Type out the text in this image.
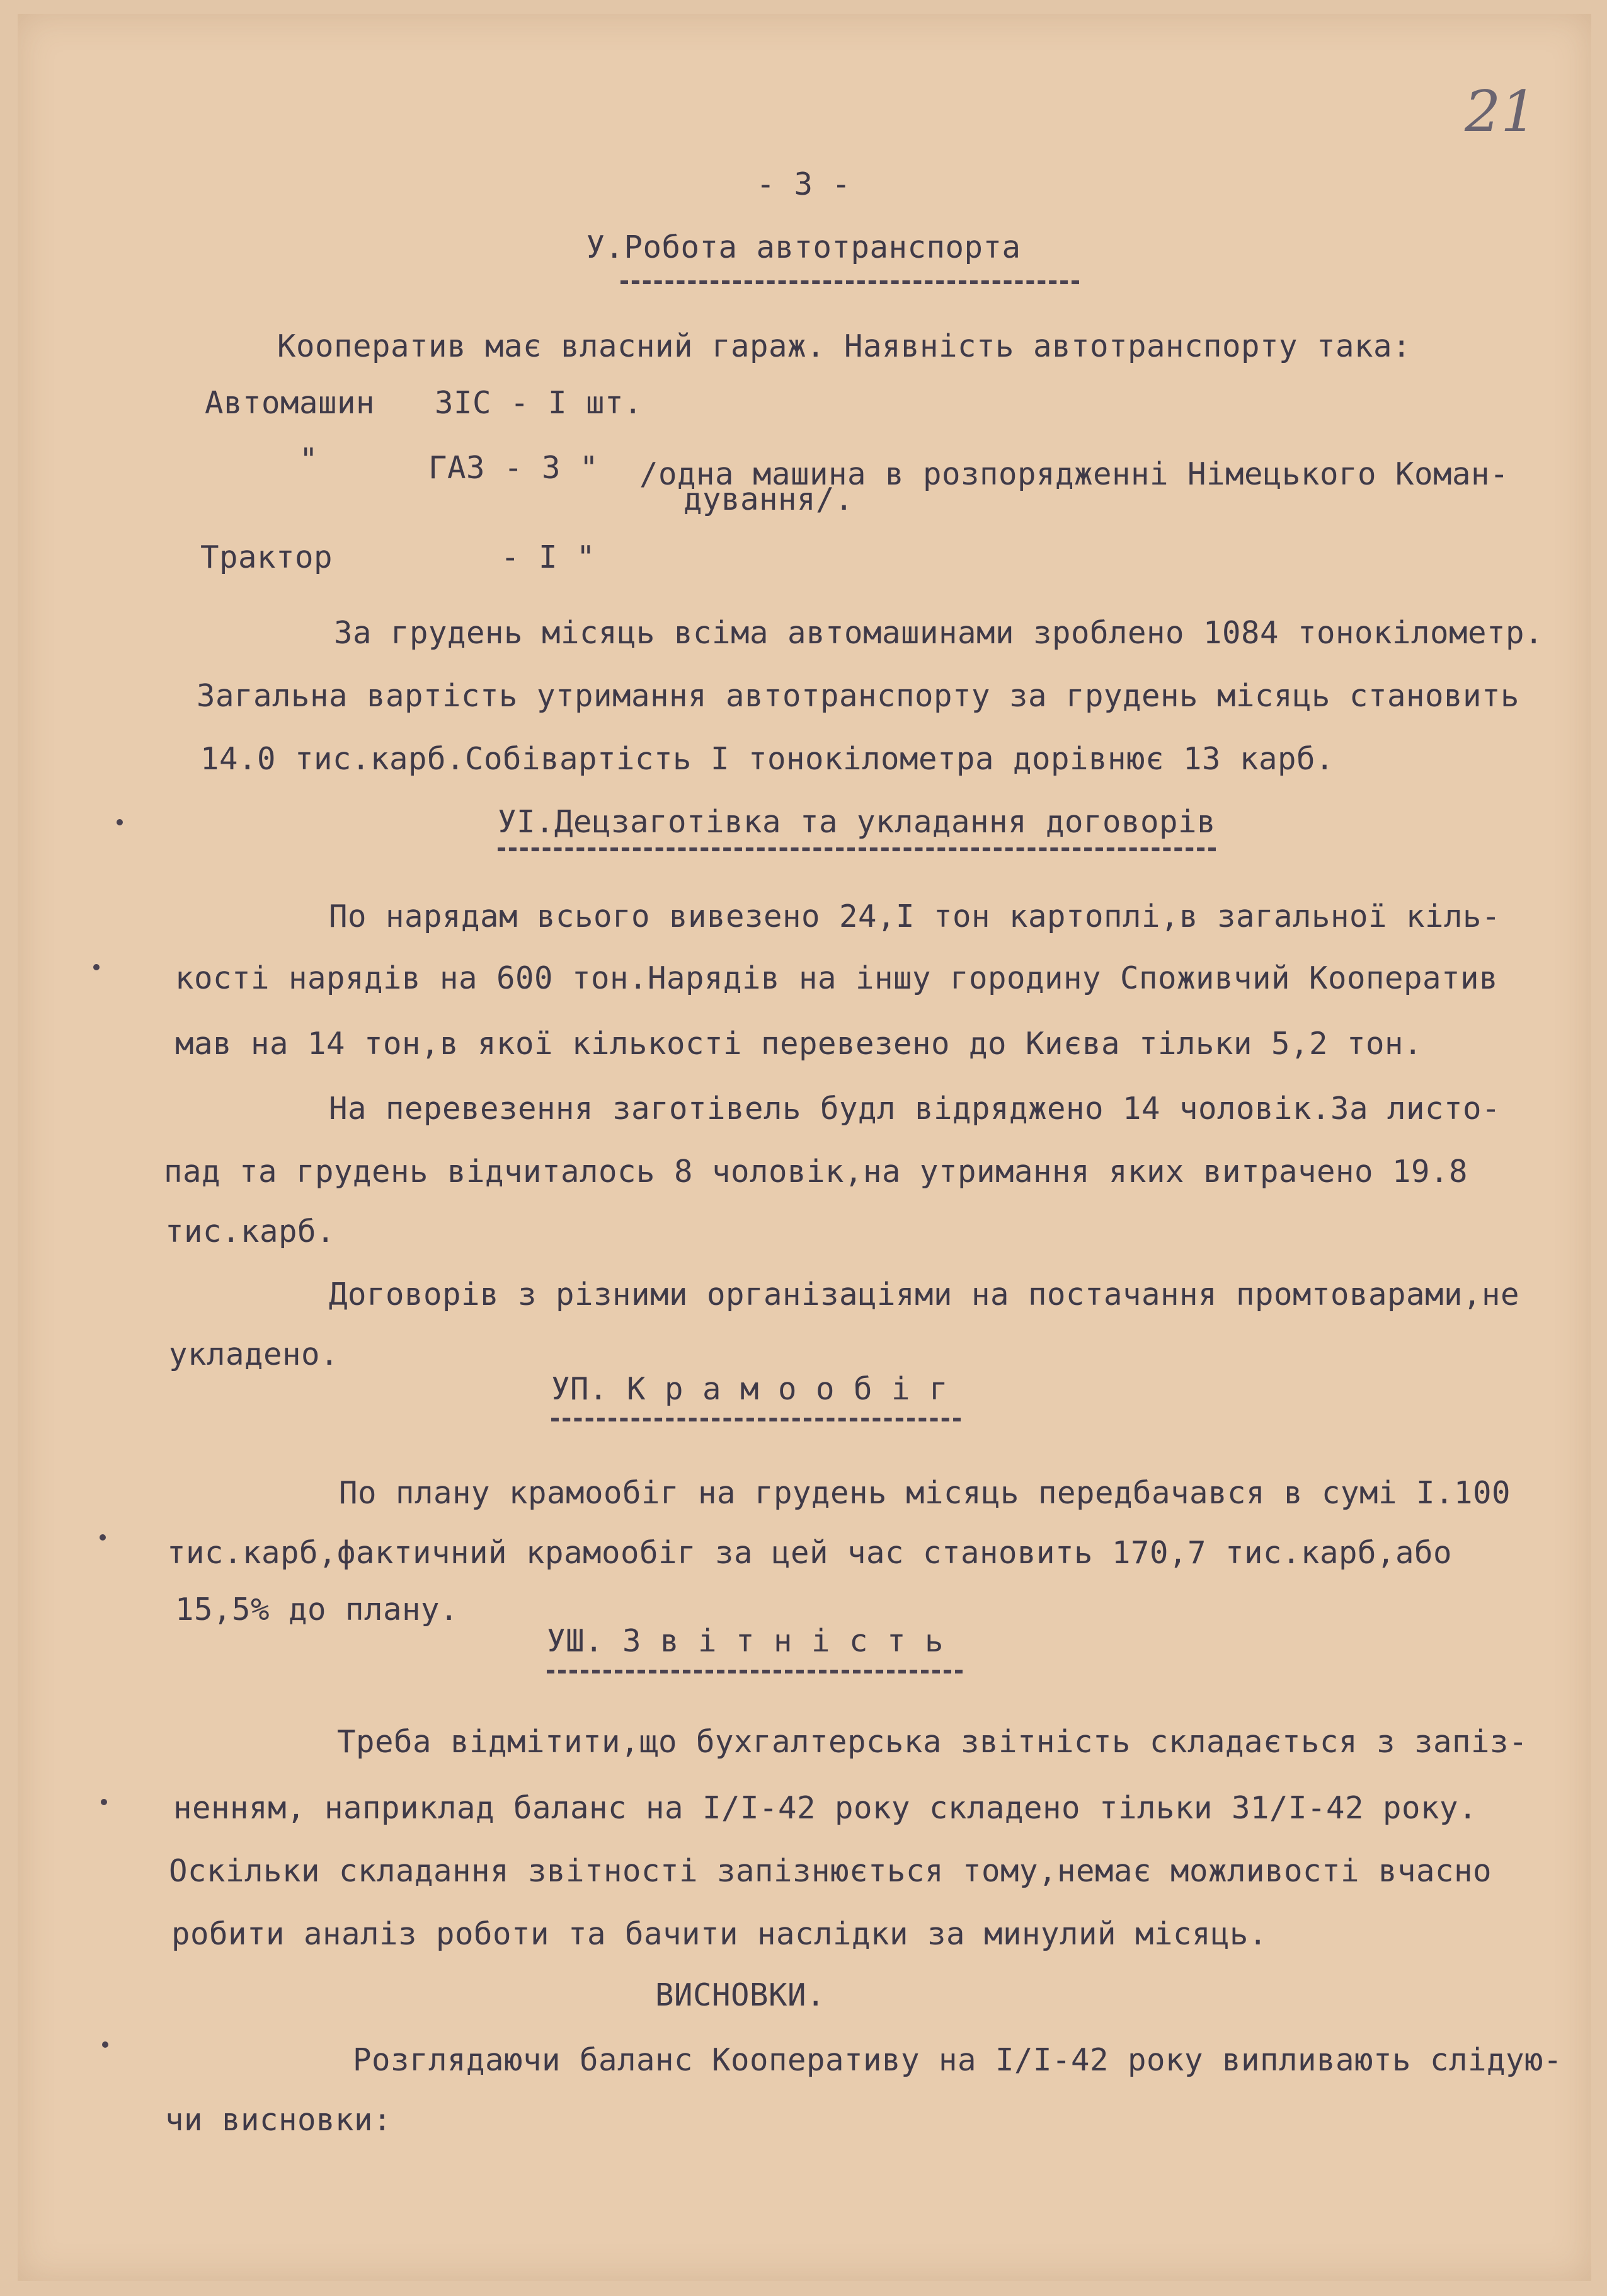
21
- 3 -
У.Робота автотранспорта
Кооператив має власний гараж. Наявність автотранспорту така:
Автомашин ЗІС - І шт.
"	ГАЗ - 3 " /одна машина в розпорядженні Німецького Коман-
дування/.
Трактор	- І "
За грудень місяць всіма автомашинами зроблено 1084 тонокілометр.
Загальна вартість утримання автотранспорту за грудень місяць становить
14.0 тис.карб.Собівартість І тонокілометра дорівнює 13 карб.
УІ.Децзаготівка та укладання договорів
По нарядам всього вивезено 24,І тон картоплі,в загальної кіль-
кості нарядів на 600 тон.Нарядів на іншу городину Споживчий Кооператив
мав на 14 тон,в якої кількості перевезено до Києва тільки 5,2 тон.
На перевезення заготівель будл відряджено 14 чоловік.За листо-
пад та грудень відчиталось 8 чоловік,на утримання яких витрачено 19.8
тис.карб.
Договорів з різними організаціями на постачання промтоварами,не
укладено.
УП. К р а м о о б і г
По плану крамообіг на грудень місяць передбачався в сумі І.100
тис.карб,фактичний крамообіг за цей час становить 170,7 тис.карб,або
15,5% до плану.
УШ. З в і т н і с т ь
Треба відмітити,що бухгалтерська звітність складається з запіз-
ненням, наприклад баланс на І/І-42 року складено тільки 31/І-42 року.
Оскільки складання звітності запізнюється тому,немає можливості вчасно
робити аналіз роботи та бачити наслідки за минулий місяць.
ВИСНОВКИ.
Розглядаючи баланс Кооперативу на І/І-42 року випливають слідую-
чи висновки:
